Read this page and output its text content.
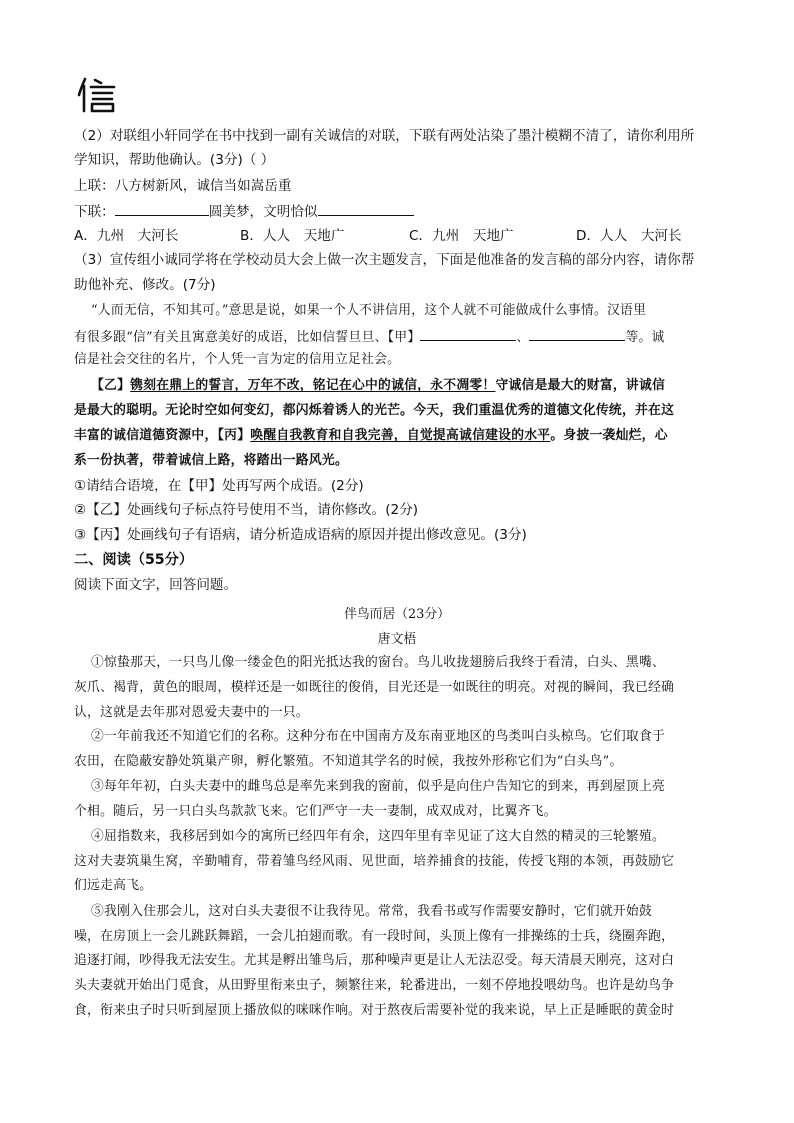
（2）对联组小轩同学在书中找到一副有关诚信的对联，下联有两处沾染了墨汁模糊不清了，请你利用所
学知识，帮助他确认。(3分)（ ）
上联：八方树新风，诚信当如嵩岳重
下联：	圆美梦，文明恰似
A．九州　大河长	B．人人　天地广	C．九州　天地广	D．人人　大河长
（3）宣传组小诚同学将在学校动员大会上做一次主题发言，下面是他准备的发言稿的部分内容，请你帮
助他补充、修改。(7分)
“人而无信，不知其可。”意思是说，如果一个人不讲信用，这个人就不可能做成什么事情。汉语里
有很多跟“信”有关且寓意美好的成语，比如信誓旦旦、【甲】	、	等。诚
信是社会交往的名片，个人凭一言为定的信用立足社会。
【乙】镌刻在鼎上的誓言，万年不改，铭记在心中的诚信，永不凋零！守诚信是最大的财富，讲诚信
是最大的聪明。无论时空如何变幻，都闪烁着诱人的光芒。今天，我们重温优秀的道德文化传统，并在这
丰富的诚信道德资源中，【丙】唤醒自我教育和自我完善，自觉提高诚信建设的水平。身披一袭灿烂，心
系一份执著，带着诚信上路，将踏出一路风光。
①请结合语境，在【甲】处再写两个成语。(2分)
②【乙】处画线句子标点符号使用不当，请你修改。(2分)
③【丙】处画线句子有语病，请分析造成语病的原因并提出修改意见。(3分)
二、阅读（55分）
阅读下面文字，回答问题。
伴鸟而居（23分）
唐文梧
①惊蛰那天，一只鸟儿像一缕金色的阳光抵达我的窗台。鸟儿收拢翅膀后我终于看清，白头、黑嘴、
灰爪、褐背，黄色的眼周，模样还是一如既往的俊俏，目光还是一如既往的明亮。对视的瞬间，我已经确
认，这就是去年那对恩爱夫妻中的一只。
②一年前我还不知道它们的名称。这种分布在中国南方及东南亚地区的鸟类叫白头椋鸟。它们取食于
农田，在隐蔽安静处筑巢产卵，孵化繁殖。不知道其学名的时候，我按外形称它们为“白头鸟”。
③每年年初，白头夫妻中的雌鸟总是率先来到我的窗前，似乎是向住户告知它的到来，再到屋顶上亮
个相。随后，另一只白头鸟款款飞来。它们严守一夫一妻制，成双成对，比翼齐飞。
④屈指数来，我移居到如今的寓所已经四年有余，这四年里有幸见证了这大自然的精灵的三轮繁殖。
这对夫妻筑巢生窝，辛勤哺育，带着雏鸟经风雨、见世面，培养捕食的技能，传授飞翔的本领，再鼓励它
们远走高飞。
⑤我刚入住那会儿，这对白头夫妻很不让我待见。常常，我看书或写作需要安静时，它们就开始鼓
噪，在房顶上一会儿跳跃舞蹈，一会儿拍翅而歌。有一段时间，头顶上像有一排操练的士兵，绕圈奔跑，
追逐打闹，吵得我无法安生。尤其是孵出雏鸟后，那种噪声更是让人无法忍受。每天清晨天刚亮，这对白
头夫妻就开始出门觅食，从田野里衔来虫子，频繁往来，轮番进出，一刻不停地投喂幼鸟。也许是幼鸟争
食，衔来虫子时只听到屋顶上播放似的咪咪作响。对于熬夜后需要补觉的我来说，早上正是睡眠的黄金时
